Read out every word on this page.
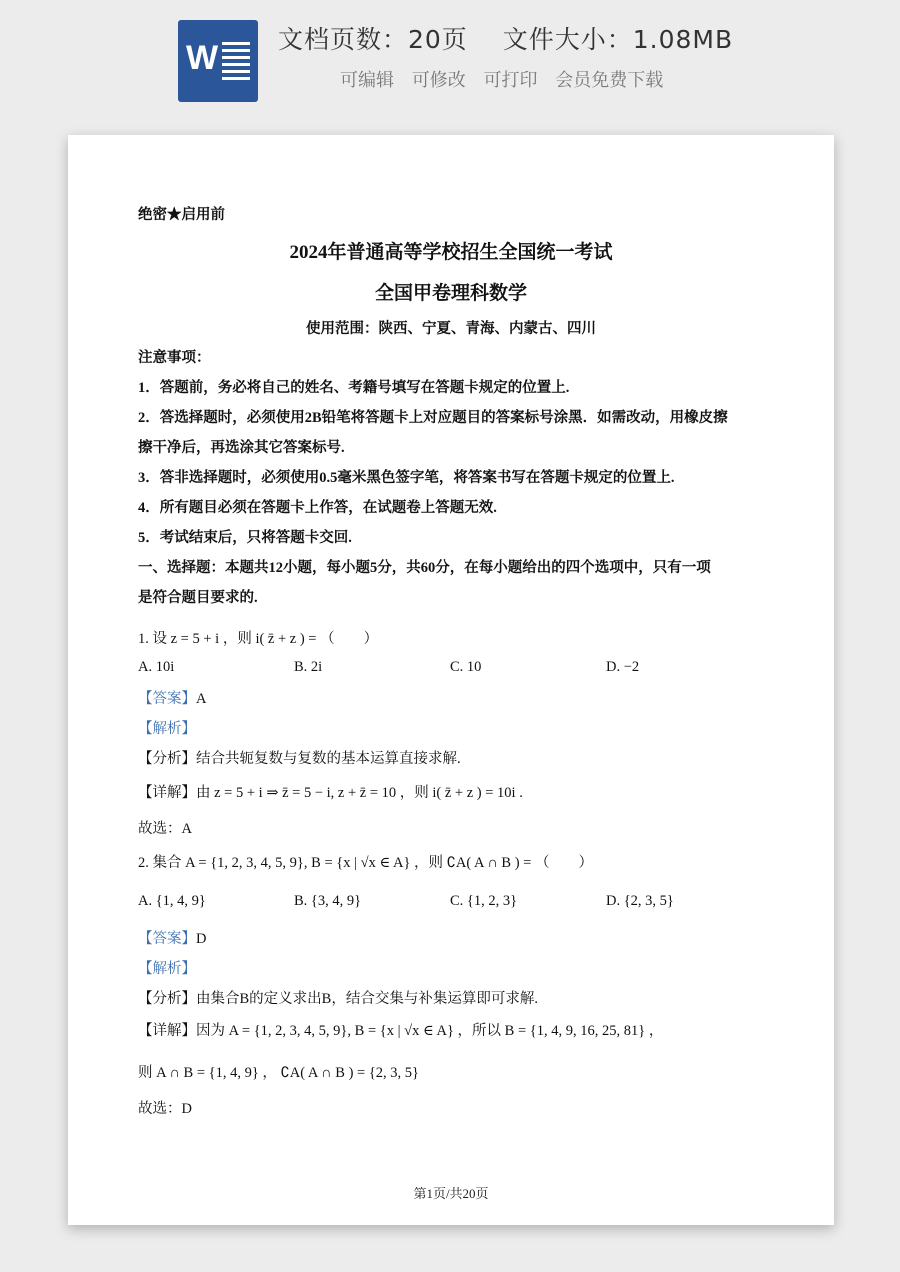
W 文档页数：20页 文件大小：1.08MB
可编辑 可修改 可打印 会员免费下载
绝密★启用前
2024年普通高等学校招生全国统一考试
全国甲卷理科数学
使用范围：陕西、宁夏、青海、内蒙古、四川
注意事项：
1．答题前，务必将自己的姓名、考籍号填写在答题卡规定的位置上.
2．答选择题时，必须使用2B铅笔将答题卡上对应题目的答案标号涂黑．如需改动，用橡皮擦
擦干净后，再选涂其它答案标号.
3．答非选择题时，必须使用0.5毫米黑色签字笔，将答案书写在答题卡规定的位置上.
4．所有题目必须在答题卡上作答，在试题卷上答题无效.
5．考试结束后，只将答题卡交回.
一、选择题：本题共12小题，每小题5分，共60分，在每小题给出的四个选项中，只有一项
是符合题目要求的.
1. 设 z = 5 + i ，则 i( z̄ + z ) = （　　）
A. 10i	B. 2i	C. 10	D. −2
【答案】A
【解析】
【分析】结合共轭复数与复数的基本运算直接求解.
【详解】由 z = 5 + i ⇒ z̄ = 5 − i, z + z̄ = 10 ，则 i( z̄ + z ) = 10i .
故选：A
2. 集合 A = {1, 2, 3, 4, 5, 9}, B = {x | √x ∈ A} ，则 ∁A( A ∩ B ) = （　　）
A. {1, 4, 9}	B. {3, 4, 9}	C. {1, 2, 3}	D. {2, 3, 5}
【答案】D
【解析】
【分析】由集合B的定义求出B，结合交集与补集运算即可求解.
【详解】因为 A = {1, 2, 3, 4, 5, 9}, B = {x | √x ∈ A} ，所以 B = {1, 4, 9, 16, 25, 81} ，
则 A ∩ B = {1, 4, 9} ， ∁A( A ∩ B ) = {2, 3, 5}
故选：D
第1页/共20页
